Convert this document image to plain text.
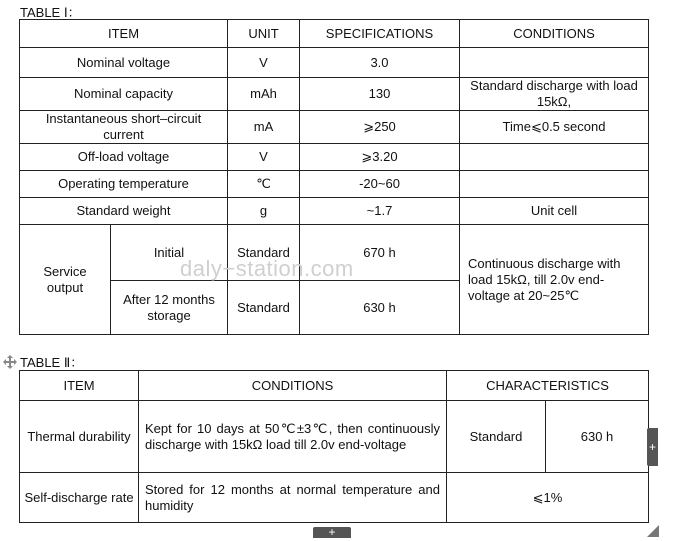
TABLE Ⅰ：
ITEM		UNIT	SPECIFICATIONS	CONDITIONS
Nominal voltage		V	3.0	
Nominal capacity		mAh	130	Standard discharge with load 15kΩ,
Instantaneous short–circuit current		mA	⩾250	Time⩽0.5 second
Off-load voltage		V	⩾3.20	
Operating temperature		℃	-20~60	
Standard weight		g	~1.7	Unit cell
Service output	Initial	Standard	670 h	Continuous discharge with load 15kΩ, till 2.0v end-voltage at 20~25℃
	After 12 months storage	Standard	630 h	
daly−station.com
TABLE Ⅱ：
ITEM	CONDITIONS	CHARACTERISTICS	
Thermal durability	Kept for 10 days at 50℃±3℃, then continuously discharge with 15kΩ load till 2.0v end-voltage	Standard	630 h
Self-discharge rate	Stored for 12 months at normal temperature and humidity	⩽1%	
+
+
